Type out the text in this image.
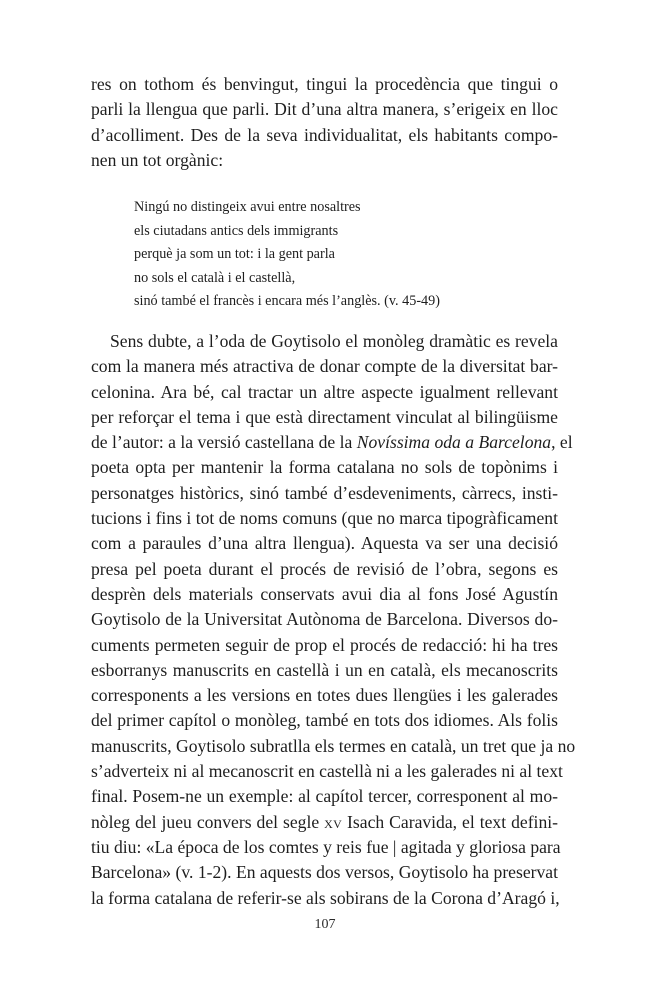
res on tothom és benvingut, tingui la procedència que tingui o
parli la llengua que parli. Dit d’una altra manera, s’erigeix en lloc
d’acolliment. Des de la seva individualitat, els habitants compo-
nen un tot orgànic:

Ningú no distingeix avui entre nosaltres
els ciutadans antics dels immigrants
perquè ja som un tot: i la gent parla
no sols el català i el castellà,
sinó també el francès i encara més l’anglès. (v. 45-49)

Sens dubte, a l’oda de Goytisolo el monòleg dramàtic es revela
com la manera més atractiva de donar compte de la diversitat bar-
celonina. Ara bé, cal tractar un altre aspecte igualment rellevant
per reforçar el tema i que està directament vinculat al bilingüisme
de l’autor: a la versió castellana de la Novíssima oda a Barcelona, el
poeta opta per mantenir la forma catalana no sols de topònims i
personatges històrics, sinó també d’esdeveniments, càrrecs, insti-
tucions i fins i tot de noms comuns (que no marca tipogràficament
com a paraules d’una altra llengua). Aquesta va ser una decisió
presa pel poeta durant el procés de revisió de l’obra, segons es
desprèn dels materials conservats avui dia al fons José Agustín
Goytisolo de la Universitat Autònoma de Barcelona. Diversos do-
cuments permeten seguir de prop el procés de redacció: hi ha tres
esborranys manuscrits en castellà i un en català, els mecanoscrits
corresponents a les versions en totes dues llengües i les galerades
del primer capítol o monòleg, també en tots dos idiomes. Als folis
manuscrits, Goytisolo subratlla els termes en català, un tret que ja no
s’adverteix ni al mecanoscrit en castellà ni a les galerades ni al text
final. Posem-ne un exemple: al capítol tercer, corresponent al mo-
nòleg del jueu convers del segle xv Isach Caravida, el text defini-
tiu diu: «La época de los comtes y reis fue | agitada y gloriosa para
Barcelona» (v. 1-2). En aquests dos versos, Goytisolo ha preservat
la forma catalana de referir-se als sobirans de la Corona d’Aragó i,

107
